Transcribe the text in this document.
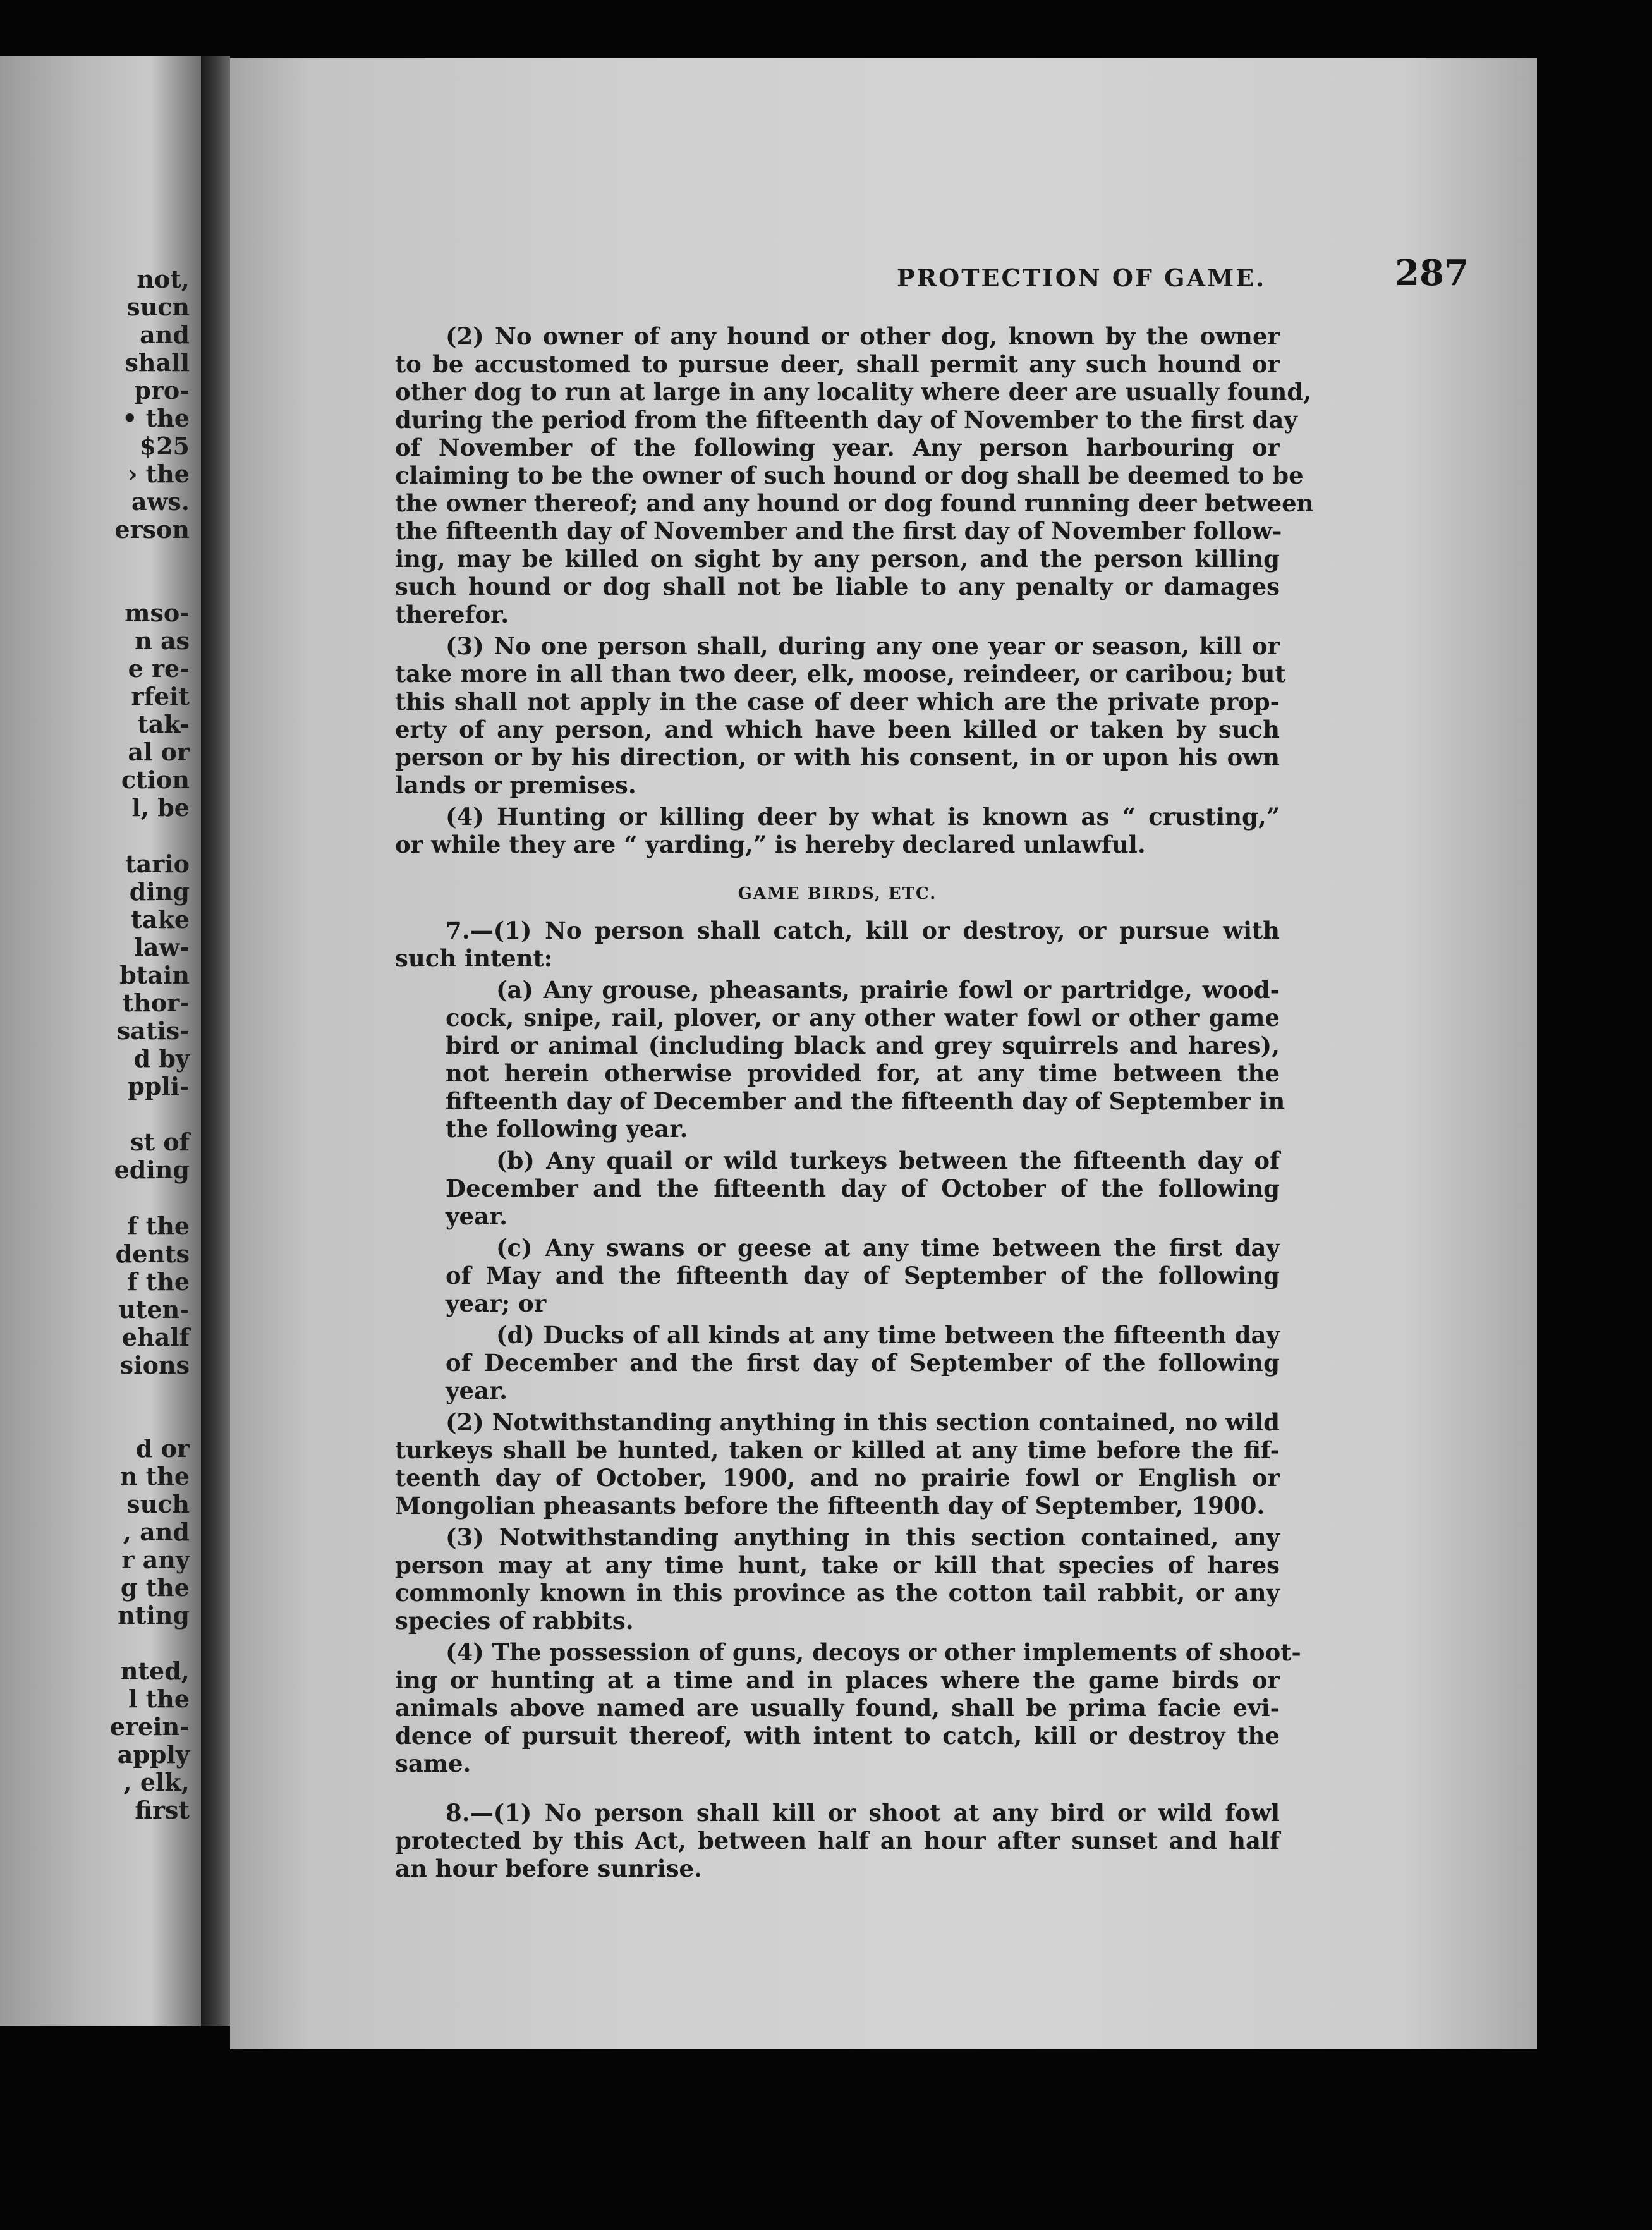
not,
sucn
and
shall
pro-
• the
$25
› the
aws.
erson
mso-
n as
e re-
rfeit
tak-
al or
ction
l, be
tario
ding
take
law-
btain
thor-
satis-
d by
ppli-
st of
eding
f the
dents
f the
uten-
ehalf
sions
d or
n the
such
, and
r any
g the
nting
nted,
l the
erein-
apply
, elk,
first
PROTECTION OF GAME.	287
(2) No owner of any hound or other dog, known by the owner
to be accustomed to pursue deer, shall permit any such hound or
other dog to run at large in any locality where deer are usually found,
during the period from the fifteenth day of November to the first day
of November of the following year. Any person harbouring or
claiming to be the owner of such hound or dog shall be deemed to be
the owner thereof; and any hound or dog found running deer between
the fifteenth day of November and the first day of November follow-
ing, may be killed on sight by any person, and the person killing
such hound or dog shall not be liable to any penalty or damages
therefor.
(3) No one person shall, during any one year or season, kill or
take more in all than two deer, elk, moose, reindeer, or caribou; but
this shall not apply in the case of deer which are the private prop-
erty of any person, and which have been killed or taken by such
person or by his direction, or with his consent, in or upon his own
lands or premises.
(4) Hunting or killing deer by what is known as “ crusting,”
or while they are “ yarding,” is hereby declared unlawful.
GAME BIRDS, ETC.
7.—(1) No person shall catch, kill or destroy, or pursue with
such intent:
(a) Any grouse, pheasants, prairie fowl or partridge, wood-
cock, snipe, rail, plover, or any other water fowl or other game
bird or animal (including black and grey squirrels and hares),
not herein otherwise provided for, at any time between the
fifteenth day of December and the fifteenth day of September in
the following year.
(b) Any quail or wild turkeys between the fifteenth day of
December and the fifteenth day of October of the following
year.
(c) Any swans or geese at any time between the first day
of May and the fifteenth day of September of the following
year; or
(d) Ducks of all kinds at any time between the fifteenth day
of December and the first day of September of the following
year.
(2) Notwithstanding anything in this section contained, no wild
turkeys shall be hunted, taken or killed at any time before the fif-
teenth day of October, 1900, and no prairie fowl or English or
Mongolian pheasants before the fifteenth day of September, 1900.
(3) Notwithstanding anything in this section contained, any
person may at any time hunt, take or kill that species of hares
commonly known in this province as the cotton tail rabbit, or any
species of rabbits.
(4) The possession of guns, decoys or other implements of shoot-
ing or hunting at a time and in places where the game birds or
animals above named are usually found, shall be prima facie evi-
dence of pursuit thereof, with intent to catch, kill or destroy the
same.
8.—(1) No person shall kill or shoot at any bird or wild fowl
protected by this Act, between half an hour after sunset and half
an hour before sunrise.
